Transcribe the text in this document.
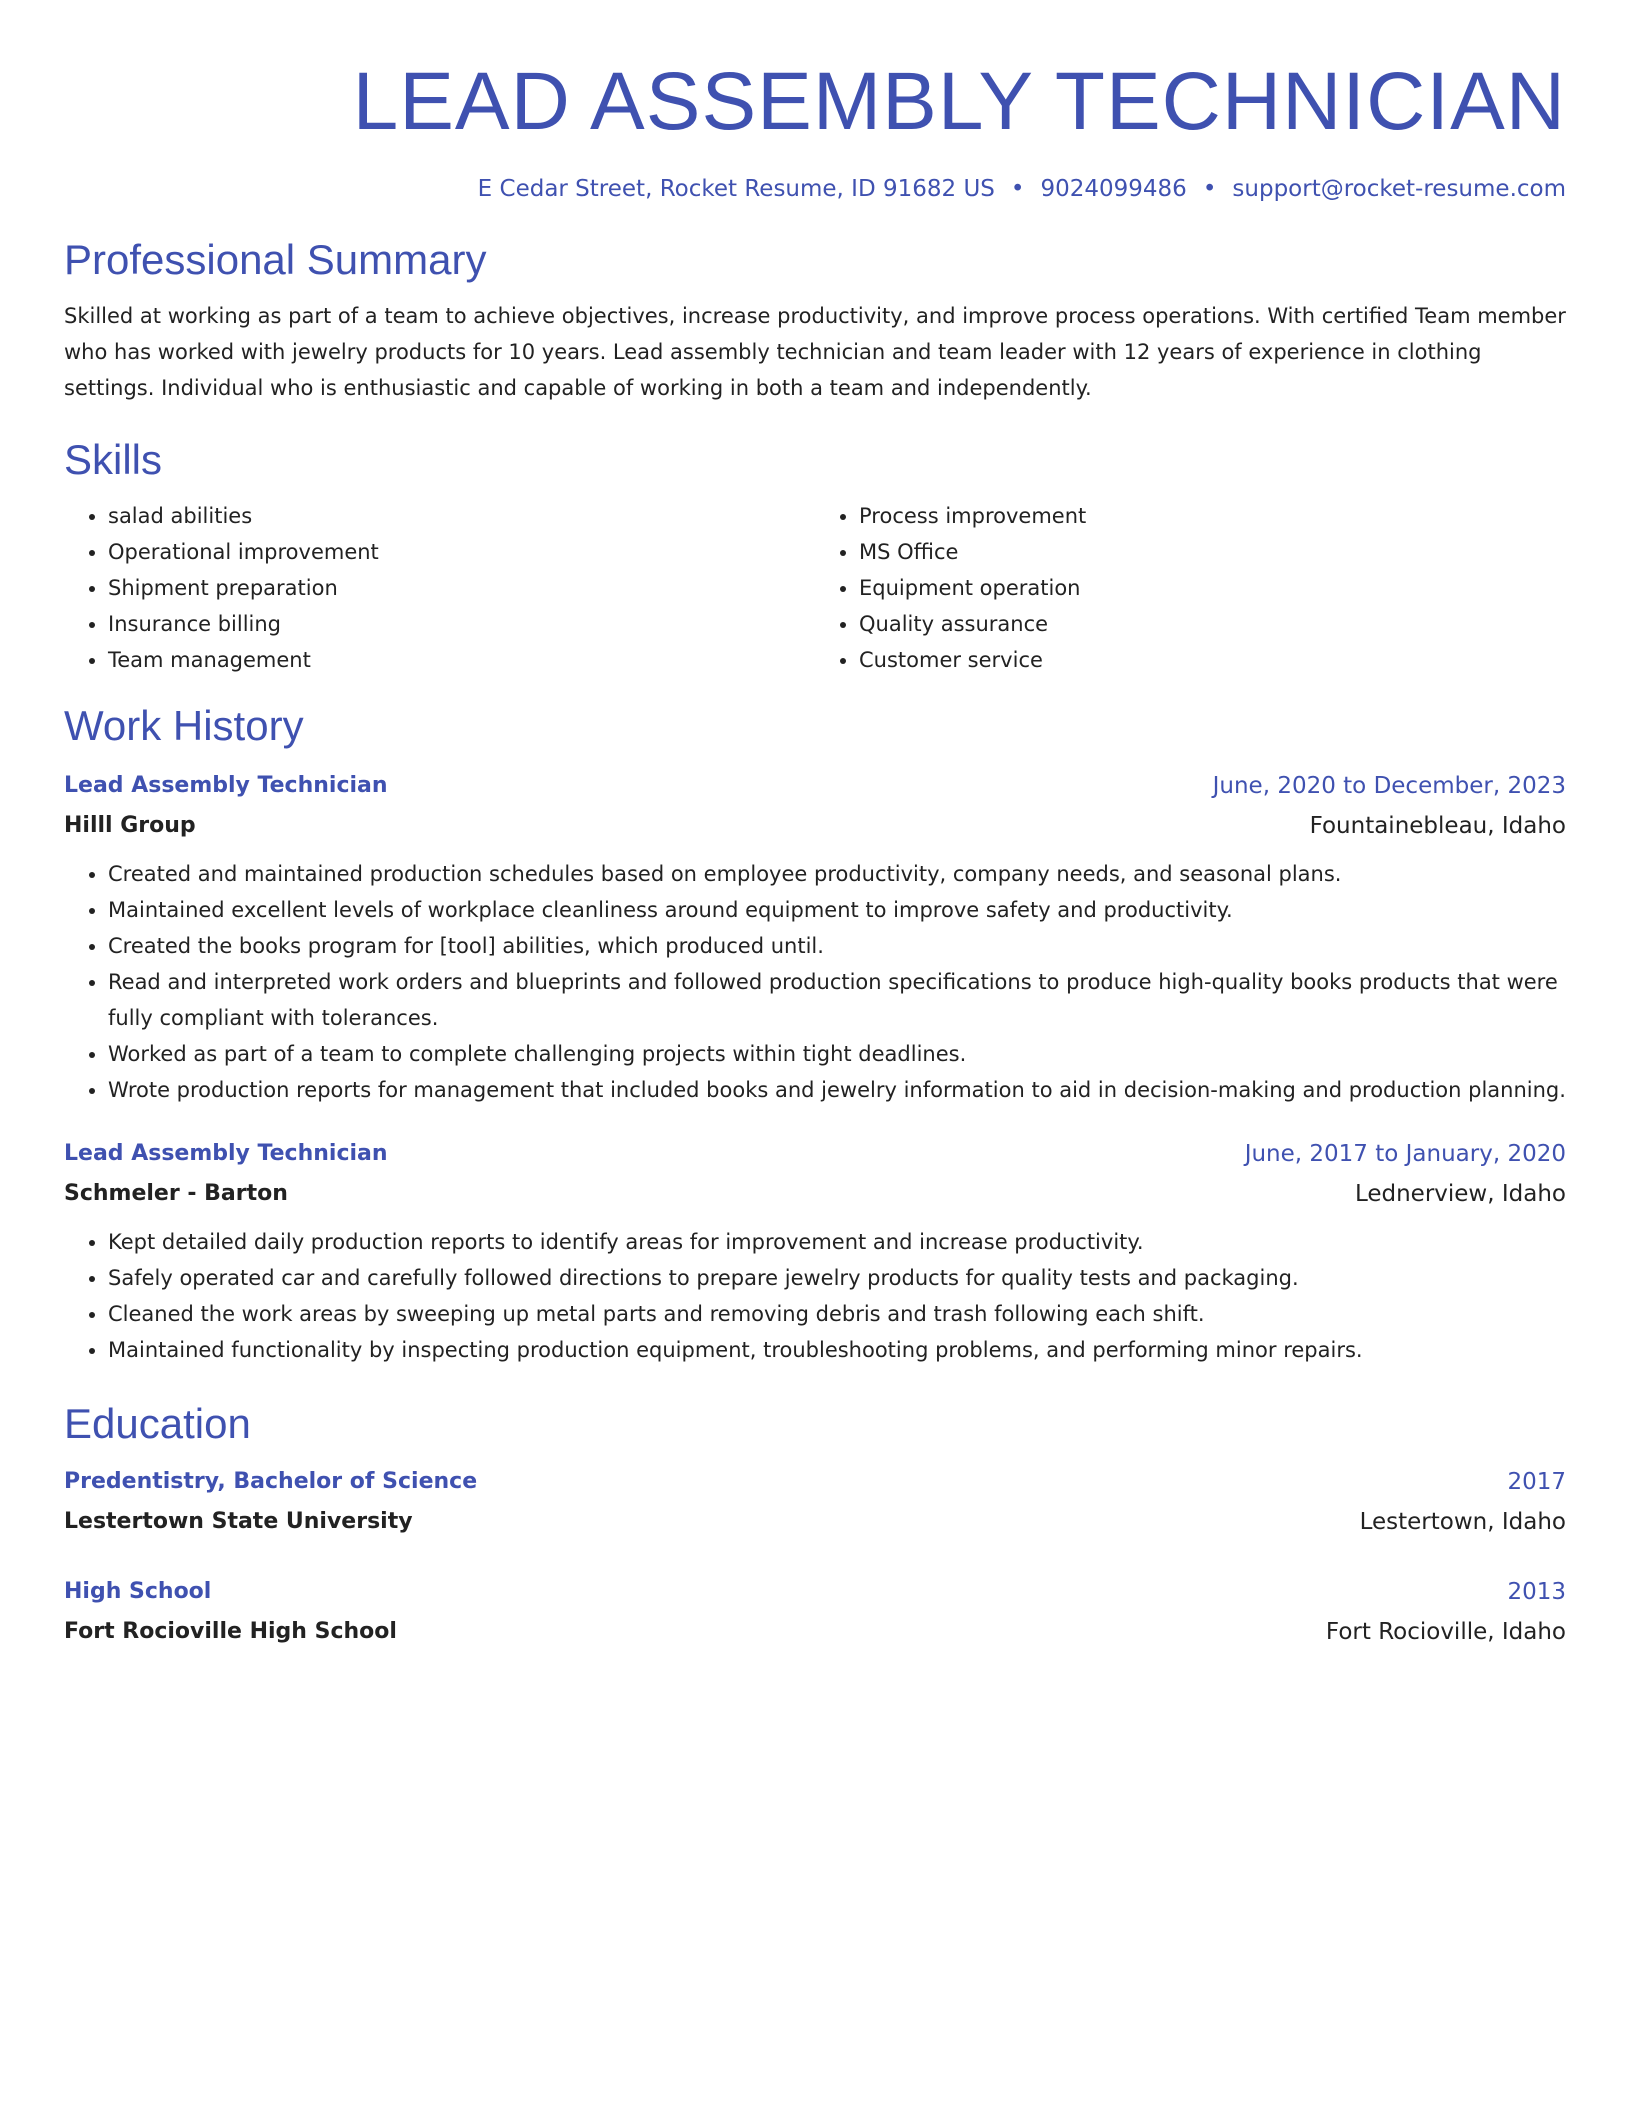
LEAD ASSEMBLY TECHNICIAN
E Cedar Street, Rocket Resume, ID 91682 US • 9024099486 • support@rocket-resume.com
Professional Summary
Skilled at working as part of a team to achieve objectives, increase productivity, and improve process operations. With certified Team member who has worked with jewelry products for 10 years. Lead assembly technician and team leader with 12 years of experience in clothing settings. Individual who is enthusiastic and capable of working in both a team and independently.
Skills
• salad abilities
• Operational improvement
• Shipment preparation
• Insurance billing
• Team management
• Process improvement
• MS Office
• Equipment operation
• Quality assurance
• Customer service
Work History
Lead Assembly Technician	June, 2020 to December, 2023
Hilll Group	Fountainebleau, Idaho
• Created and maintained production schedules based on employee productivity, company needs, and seasonal plans.
• Maintained excellent levels of workplace cleanliness around equipment to improve safety and productivity.
• Created the books program for [tool] abilities, which produced until.
• Read and interpreted work orders and blueprints and followed production specifications to produce high-quality books products that were fully compliant with tolerances.
• Worked as part of a team to complete challenging projects within tight deadlines.
• Wrote production reports for management that included books and jewelry information to aid in decision-making and production planning.
Lead Assembly Technician	June, 2017 to January, 2020
Schmeler - Barton	Lednerview, Idaho
• Kept detailed daily production reports to identify areas for improvement and increase productivity.
• Safely operated car and carefully followed directions to prepare jewelry products for quality tests and packaging.
• Cleaned the work areas by sweeping up metal parts and removing debris and trash following each shift.
• Maintained functionality by inspecting production equipment, troubleshooting problems, and performing minor repairs.
Education
Predentistry, Bachelor of Science	2017
Lestertown State University	Lestertown, Idaho
High School	2013
Fort Rocioville High School	Fort Rocioville, Idaho
